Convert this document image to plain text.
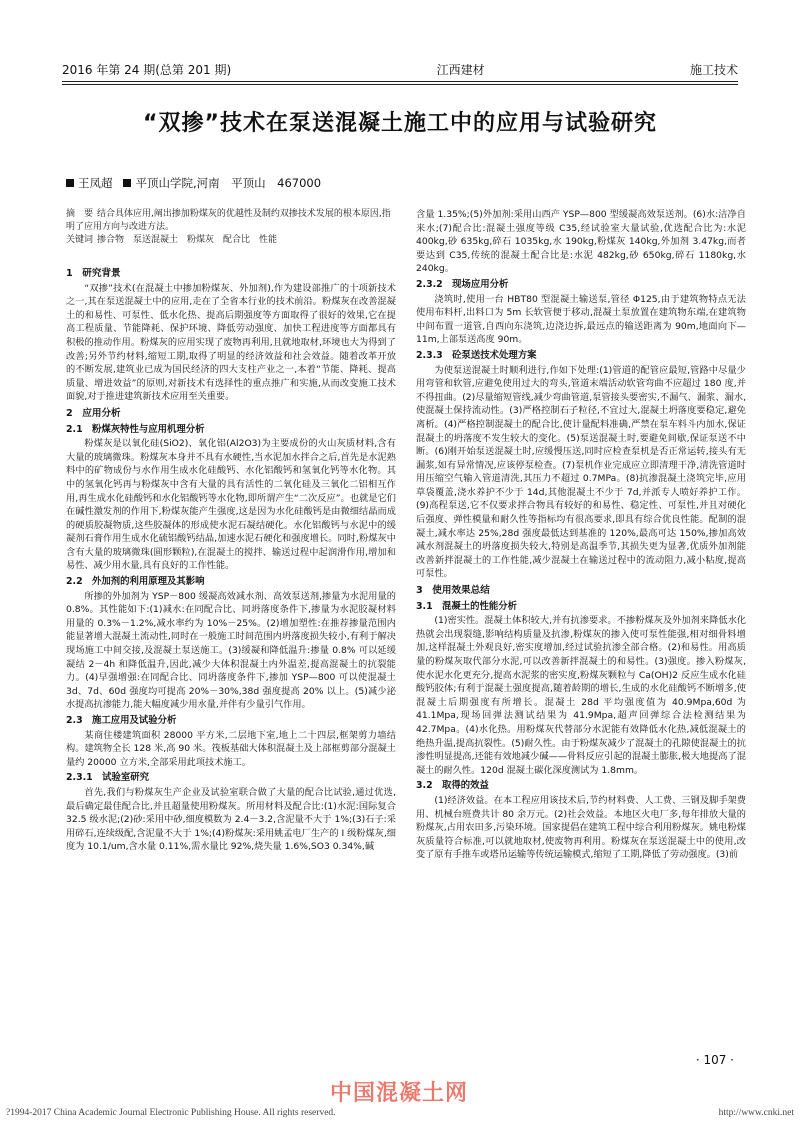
2016 年第 24 期(总第 201 期)	江西建材	施工技术
“双掺”技术在泵送混凝土施工中的应用与试验研究
王凤超 平顶山学院,河南　平顶山　467000
摘　要 结合具体应用,阐出掺加粉煤灰的优越性及制约双掺技术发展的根本原因,指明了应用方向与改进方法。
关键词 掺合物　泵送混凝土　粉煤灰　配合比　性能
1　研究背景

“双掺”技术(在混凝土中掺加粉煤灰、外加剂),作为建设部推广的十项新技术之一,其在泵送混凝土中的应用,走在了全省本行业的技术前沿。粉煤灰在改善混凝土的和易性、可泵性、低水化热、提高后期强度等方面取得了很好的效果,它在提高工程质量、节能降耗、保护环境、降低劳动强度、加快工程进度等方面都具有积极的推动作用。粉煤灰的应用实现了废物再利用,且就地取材,环境也大为得到了改善;另外节约材料,缩短工期,取得了明显的经济效益和社会效益。随着改革开放的不断发展,建筑业已成为国民经济的四大支柱产业之一,本着“节能、降耗、提高质量、增进效益”的原则,对新技术有选择性的重点推广和实施,从而改变施工技术面貌,对于推进建筑新技术应用至关重要。

2　应用分析
2.1　粉煤灰特性与应用机理分析

粉煤灰是以氧化硅(SiO2)、氧化铝(Al2O3)为主要成份的火山灰质材料,含有大量的玻璃微珠。粉煤灰本身并不具有水硬性,当水泥加水拌合之后,首先是水泥熟料中的矿物成份与水作用生成水化硅酸钙、水化铝酸钙和氢氧化钙等水化物。其中的氢氧化钙再与粉煤灰中含有大量的具有活性的二氧化硅及三氧化二铝相互作用,再生成水化硅酸钙和水化铝酸钙等水化物,即所谓产生“二次反应”。也就是它们在碱性激发剂的作用下,粉煤灰能产生强度,这是因为水化硅酸钙是由微细结晶而成的硬质胶凝物质,这些胶凝体的形成使水泥石凝结硬化。水化铝酸钙与水泥中的缓凝剂石膏作用生成水化硫铝酸钙结晶,加速水泥石硬化和强度增长。同时,粉煤灰中含有大量的玻璃微珠(圆形颗粒),在混凝土的搅拌、输送过程中起润滑作用,增加和易性、减少用水量,具有良好的工作性能。

2.2　外加剂的利用原理及其影响

所掺的外加剂为 YSP－800 缓凝高效减水剂、高效泵送剂,掺量为水泥用量的 0.8%。其性能如下:(1)减水:在同配合比、同坍落度条件下,掺量为水泥胶凝材料用量的 0.3%－1.2%,减水率约为 10%－25%。(2)增加塑性:在推荐掺量范围内能显著增大混凝土流动性,同时在一般施工时间范围内坍落度损失较小,有利于解决现场施工中间交接,及混凝土泵送施工。(3)缓凝和降低温升:掺量 0.8% 可以延缓凝结 2－4h 和降低温升,因此,减少大体积混凝土内外温差,提高混凝土的抗裂能力。(4)早强增强:在同配合比、同坍落度条件下,掺加 YSP—800 可以使混凝土 3d、7d、60d 强度均可提高 20%－30%,38d 强度提高 20% 以上。(5)减少泌水提高抗渗能力,能大幅度减少用水量,并伴有少量引气作用。

2.3　施工应用及试验分析

某商住楼建筑面积 28000 平方米,二层地下室,地上二十四层,框架剪力墙结构。建筑物全长 128 米,高 90 米。筏板基础大体积混凝土及上部框剪部分混凝土量约 20000 立方米,全部采用此项技术施工。

2.3.1　试验室研究

首先,我们与粉煤灰生产企业及试验室联合做了大量的配合比试验,通过优选,最后确定最佳配合比,并且超量使用粉煤灰。所用材料及配合比:(1)水泥:国际复合 32.5 级水泥;(2)砂:采用中砂,细度模数为 2.4－3.2,含泥量不大于 1%;(3)石子:采用碎石,连续级配,含泥量不大于 1%;(4)粉煤灰:采用姚孟电厂生产的 I 级粉煤灰,细度为 10.1/um,含水量 0.11%,需水量比 92%,烧失量 1.6%,SO3 0.34%,碱

含量 1.35%;(5)外加剂:采用山西产 YSP—800 型缓凝高效泵送剂。(6)水:洁净自来水;(7)配合比:混凝土强度等级 C35,经试验室大量试验,优选配合比为:水泥 400kg,砂 635kg,碎石 1035kg,水 190kg,粉煤灰 140kg,外加剂 3.47kg,而者要达到 C35,传统的混凝土配合比是:水泥 482kg,砂 650kg,碎石 1180kg,水 240kg。

2.3.2　现场应用分析

浇筑时,使用一台 HBT80 型混凝土输送泵,管径 Φ125,由于建筑物特点无法使用布料杆,出料口为 5m 长软管便于移动,混凝土泵放置在建筑物东端,在建筑物中间布置一道管,自西向东浇筑,边浇边拆,最远点的输送距离为 90m,地面向下—11m,上部泵送高度 90m。

2.3.3　砼泵送技术处理方案

为使泵送混凝土时顺利进行,作如下处理:(1)管道的配管应最短,管路中尽量少用弯管和软管,应避免使用过大的弯头,管道末端活动软管弯曲不应超过 180 度,并不得扭曲。(2)尽量缩短管线,减少弯曲管道,泵管接头要密实,不漏气、漏浆、漏水,使混凝土保持流动性。(3)严格控制石子粒径,不宜过大,混凝土坍落度要稳定,避免离析。(4)严格控制混凝土的配合比,使计量配料准确,严禁在泵车料斗内加水,保证混凝土的坍落度不发生较大的变化。(5)泵送混凝土时,要避免间歇,保证泵送不中断。(6)刚开始泵送混凝土时,应缓慢压送,同时应检查泵机是否正常运转,接头有无漏浆,如有异常情况,应该停泵检查。(7)泵机作业完成应立即清理干净,清洗管道时用压缩空气输入管道清洗,其压力不超过 0.7MPa。(8)抗渗混凝土浇筑完毕,应用草袋覆盖,浇水养护不少于 14d,其他混凝土不少于 7d,并派专人喷好养护工作。(9)高程泵送,它不仅要求拌合物具有较好的和易性、稳定性、可泵性,并且对硬化后强度、弹性模量和耐久性等指标均有很高要求,即具有综合优良性能。配制的混凝土,减水率达 25%,28d 强度最低达到基准的 120%,最高可达 150%,掺加高效减水剂混凝土的坍落度损失较大,特别是高温季节,其损失更为显著,优质外加剂能改善新拌混凝土的工作性能,减少混凝土在输送过程中的流动阻力,减小粘度,提高可泵性。

3　使用效果总结
3.1　混凝土的性能分析

(1)密实性。混凝土体积较大,并有抗渗要求。不掺粉煤灰及外加剂来降低水化热就会出现裂缝,影响结构质量及抗渗,粉煤灰的掺入使可泵性能强,相对细骨料增加,这样混凝土外观良好,密实度增加,经过试验抗渗全部合格。(2)和易性。用高质量的粉煤灰取代部分水泥,可以改善新拌混凝土的和易性。(3)强度。掺入粉煤灰,使水泥水化更充分,提高水泥浆的密实度,粉煤灰颗粒与 Ca(OH)2 反应生成水化硅酸钙胶体;有利于混凝土强度提高,随着龄期的增长,生成的水化硅酸钙不断增多,使混凝土后期强度有所增长。混凝土 28d 平均强度值为 40.9Mpa,60d 为 41.1Mpa,现场回弹法测试结果为 41.9Mpa,超声回弹综合法检测结果为 42.7Mpa。(4)水化热。用粉煤灰代替部分水泥能有效降低水化热,减低混凝土的绝热升温,提高抗裂性。(5)耐久性。由于粉煤灰减少了混凝土的孔隙使混凝土的抗渗性明显提高,还能有效地减少碱——骨料反应引起的混凝土膨胀,极大地提高了混凝土的耐久性。120d 混凝土碳化深度测试为 1.8mm。

3.2　取得的效益

(1)经济效益。在本工程应用该技术后,节约材料费、人工费、三钢及脚手架费用、机械台班费共计 80 余万元。(2)社会效益。本地区火电厂多,每年排放大量的粉煤灰,占用农田多,污染环境。国家提倡在建筑工程中综合利用粉煤灰。姚电粉煤灰质量符合标准,可以就地取材,使废物再利用。粉煤灰在泵送混凝土中的使用,改变了原有手推车或塔吊运输等传统运输模式,缩短了工期,降低了劳动强度。(3)前

· 107 ·
中国混凝土网
?1994-2017 China Academic Journal Electronic Publishing House. All rights reserved.	http://www.cnki.net
